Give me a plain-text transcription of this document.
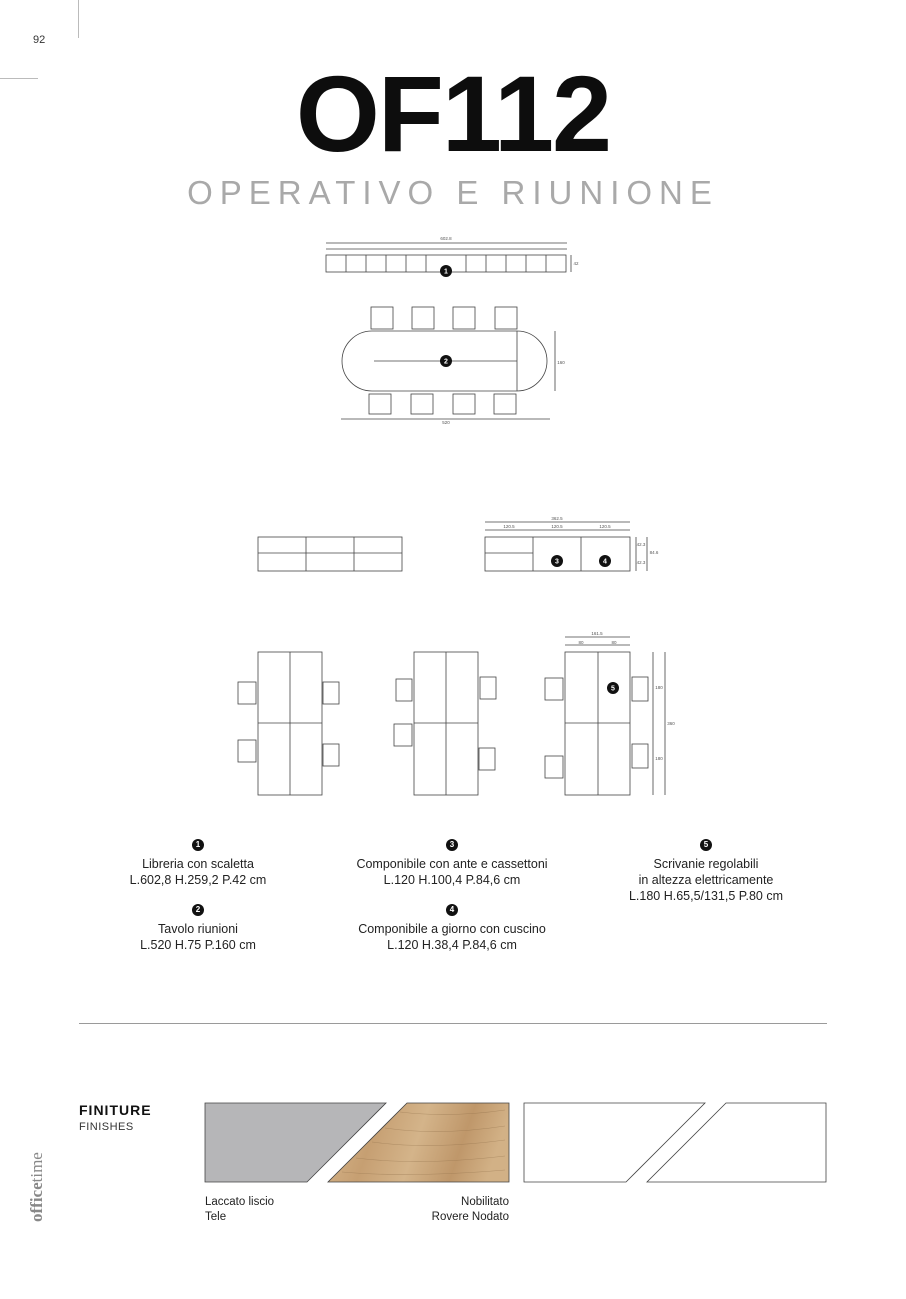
92
OF112
OPERATIVO E RIUNIONE
602.8
42
160
520
362.5
120.5	120.5	120.5
42.3
84.6
42.3
161.5
80	80
180
180
360
1
2
3	4
5
1
Libreria con scaletta
L.602,8 H.259,2 P.42 cm
2
Tavolo riunioni
L.520 H.75 P.160 cm
3
Componibile con ante e cassettoni
L.120 H.100,4 P.84,6 cm
4
Componibile a giorno con cuscino
L.120 H.38,4 P.84,6 cm
5
Scrivanie regolabili
in altezza elettricamente
L.180 H.65,5/131,5 P.80 cm
FINITURE
FINISHES
Laccato liscio
Tele
Nobilitato
Rovere Nodato
officetime
